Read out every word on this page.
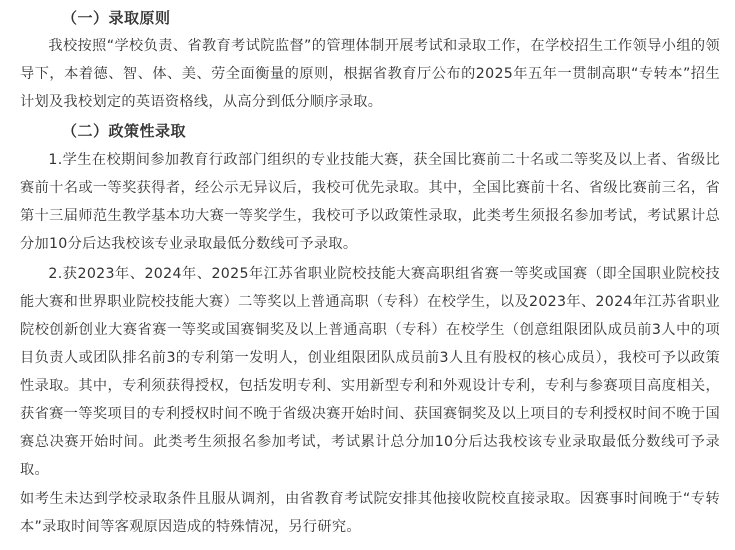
（一）录取原则

我校按照“学校负责、省教育考试院监督”的管理体制开展考试和录取工作，在学校招生工作领导小组的领导下，本着德、智、体、美、劳全面衡量的原则，根据省教育厅公布的2025年五年一贯制高职“专转本”招生计划及我校划定的英语资格线，从高分到低分顺序录取。

（二）政策性录取

1.学生在校期间参加教育行政部门组织的专业技能大赛，获全国比赛前二十名或二等奖及以上者、省级比赛前十名或一等奖获得者，经公示无异议后，我校可优先录取。其中，全国比赛前十名、省级比赛前三名，省第十三届师范生教学基本功大赛一等奖学生，我校可予以政策性录取，此类考生须报名参加考试，考试累计总分加10分后达我校该专业录取最低分数线可予录取。

2.获2023年、2024年、2025年江苏省职业院校技能大赛高职组省赛一等奖或国赛（即全国职业院校技能大赛和世界职业院校技能大赛）二等奖以上普通高职（专科）在校学生，以及2023年、2024年江苏省职业院校创新创业大赛省赛一等奖或国赛铜奖及以上普通高职（专科）在校学生（创意组限团队成员前3人中的项目负责人或团队排名前3的专利第一发明人，创业组限团队成员前3人且有股权的核心成员），我校可予以政策性录取。其中，专利须获得授权，包括发明专利、实用新型专利和外观设计专利，专利与参赛项目高度相关，获省赛一等奖项目的专利授权时间不晚于省级决赛开始时间、获国赛铜奖及以上项目的专利授权时间不晚于国赛总决赛开始时间。此类考生须报名参加考试，考试累计总分加10分后达我校该专业录取最低分数线可予录取。

如考生未达到学校录取条件且服从调剂，由省教育考试院安排其他接收院校直接录取。因赛事时间晚于“专转本”录取时间等客观原因造成的特殊情况，另行研究。
